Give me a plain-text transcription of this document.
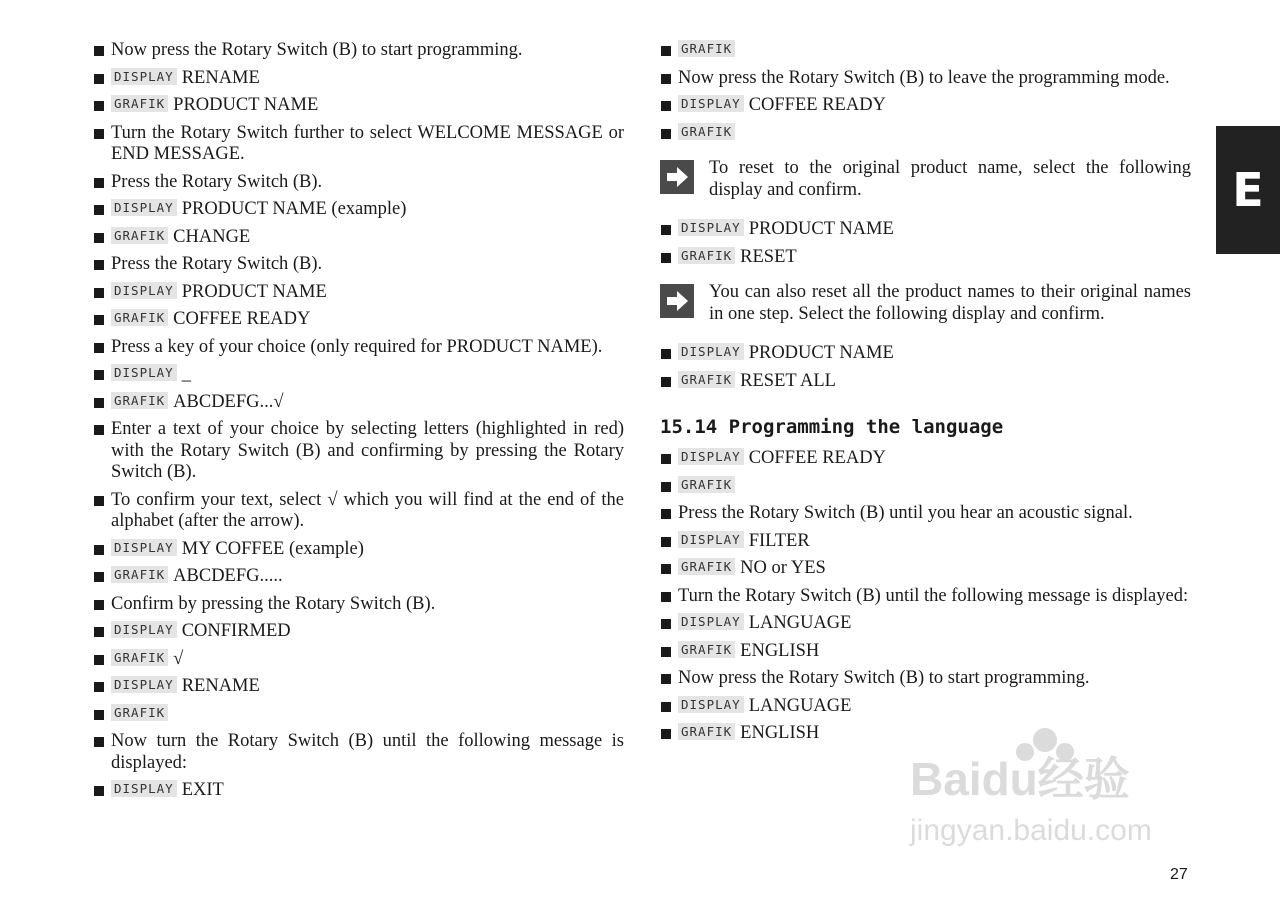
Now press the Rotary Switch (B) to start programming.
DISPLAY RENAME
GRAFIK PRODUCT NAME
Turn the Rotary Switch further to select WELCOME MESSAGE or END MESSAGE.
Press the Rotary Switch (B).
DISPLAY PRODUCT NAME (example)
GRAFIK CHANGE
Press the Rotary Switch (B).
DISPLAY PRODUCT NAME
GRAFIK COFFEE READY
Press a key of your choice (only required for PRODUCT NAME).
DISPLAY _
GRAFIK ABCDEFG...√
Enter a text of your choice by selecting letters (highlighted in red) with the Rotary Switch (B) and confirming by pressing the Rotary Switch (B).
To confirm your text, select √ which you will find at the end of the alphabet (after the arrow).
DISPLAY MY COFFEE (example)
GRAFIK ABCDEFG.....
Confirm by pressing the Rotary Switch (B).
DISPLAY CONFIRMED
GRAFIK √
DISPLAY RENAME
GRAFIK
Now turn the Rotary Switch (B) until the following message is displayed:
DISPLAY EXIT
GRAFIK
Now press the Rotary Switch (B) to leave the programming mode.
DISPLAY COFFEE READY
GRAFIK
To reset to the original product name, select the following display and confirm.
DISPLAY PRODUCT NAME
GRAFIK RESET
You can also reset all the product names to their original names in one step. Select the following display and confirm.
DISPLAY PRODUCT NAME
GRAFIK RESET ALL
15.14 Programming the language
DISPLAY COFFEE READY
GRAFIK
Press the Rotary Switch (B) until you hear an acoustic signal.
DISPLAY FILTER
GRAFIK NO or YES
Turn the Rotary Switch (B) until the following message is displayed:
DISPLAY LANGUAGE
GRAFIK ENGLISH
Now press the Rotary Switch (B) to start programming.
DISPLAY LANGUAGE
GRAFIK ENGLISH
E
27
Baidu经验
jingyan.baidu.com
